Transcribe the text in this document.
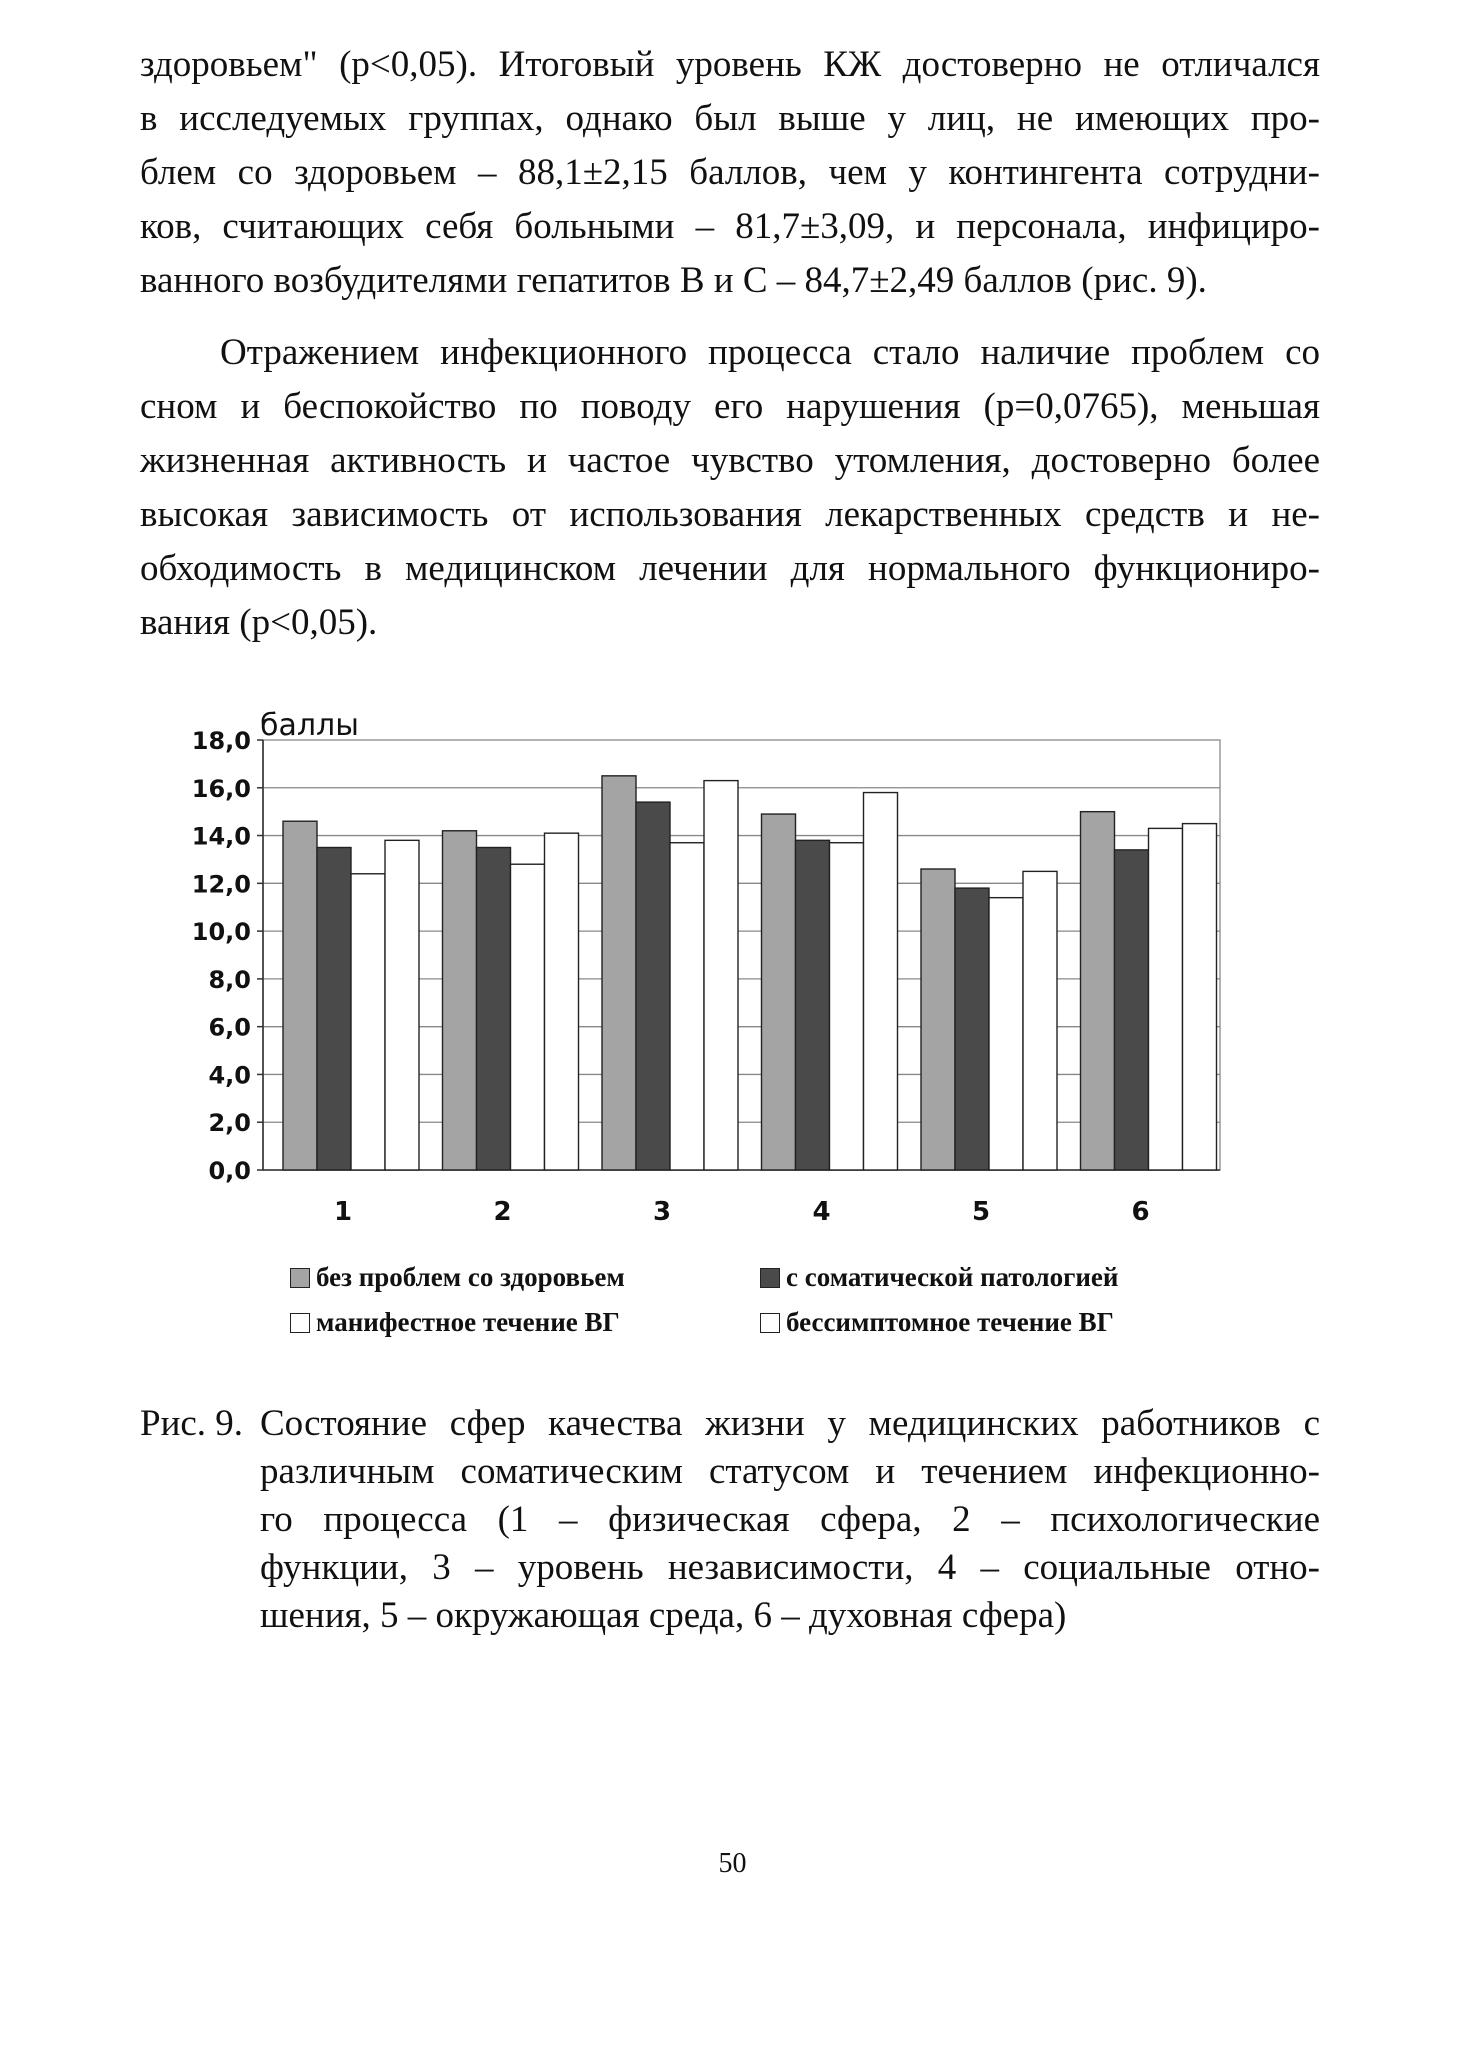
здоровьем" (p<0,05). Итоговый уровень КЖ достоверно не отличался
в исследуемых группах, однако был выше у лиц, не имеющих про-
блем со здоровьем – 88,1±2,15 баллов, чем у контингента сотрудни-
ков, считающих себя больными – 81,7±3,09, и персонала, инфициро-
ванного возбудителями гепатитов В и С – 84,7±2,49 баллов (рис. 9).
Отражением инфекционного процесса стало наличие проблем со
сном и беспокойство по поводу его нарушения (p=0,0765), меньшая
жизненная активность и частое чувство утомления, достоверно более
высокая зависимость от использования лекарственных средств и не-
обходимость в медицинском лечении для нормального функциониро-
вания (p<0,05).
баллы
0,0
2,0
4,0
6,0
8,0
10,0
12,0
14,0
16,0
18,0
1	2	3	4	5	6
без проблем со здоровьем	с соматической патологией
манифестное течение ВГ	бессимптомное течение ВГ
Рис. 9. Состояние сфер качества жизни у медицинских работников с
различным соматическим статусом и течением инфекционно-
го процесса (1 – физическая сфера, 2 – психологические
функции, 3 – уровень независимости, 4 – социальные отно-
шения, 5 – окружающая среда, 6 – духовная сфера)
50
